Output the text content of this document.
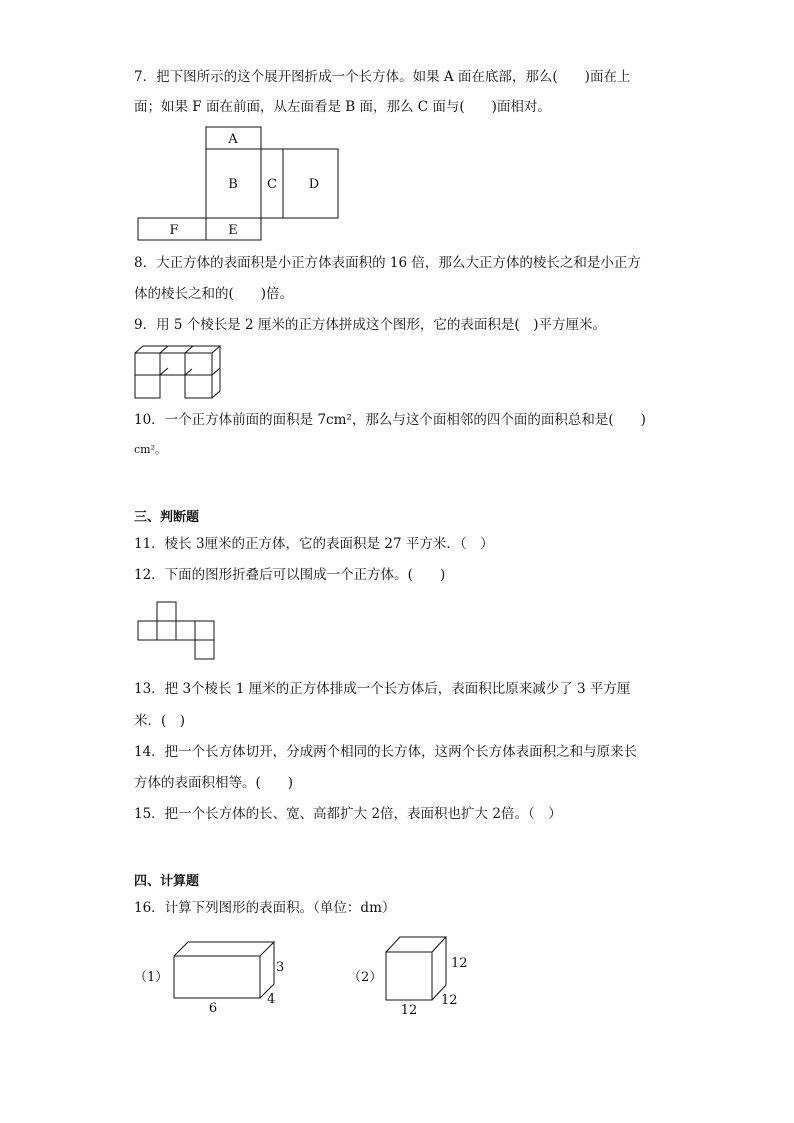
7．把下图所示的这个展开图折成一个长方体。如果 A 面在底部，那么(　　)面在上
面；如果 F 面在前面，从左面看是 B 面，那么 C 面与(　　)面相对。
A
B C D
F	E
8．大正方体的表面积是小正方体表面积的 16 倍，那么大正方体的棱长之和是小正方
体的棱长之和的(　　)倍。
9．用 5 个棱长是 2 厘米的正方体拼成这个图形，它的表面积是(　)平方厘米。
10．一个正方体前面的面积是 7cm²，那么与这个面相邻的四个面的面积总和是(　　)
cm²。
三、判断题
11．棱长 3厘米的正方体，它的表面积是 27 平方米．（　）
12．下面的图形折叠后可以围成一个正方体。(　　)
13．把 3个棱长 1 厘米的正方体排成一个长方体后，表面积比原来减少了 3 平方厘
米．(　)
14．把一个长方体切开，分成两个相同的长方体，这两个长方体表面积之和与原来长
方体的表面积相等。(　　)
15．把一个长方体的长、宽、高都扩大 2倍，表面积也扩大 2倍。（　）
四、计算题
16．计算下列图形的表面积。（单位：dm）
（1）
6
4
3
（2）
12
12
12
